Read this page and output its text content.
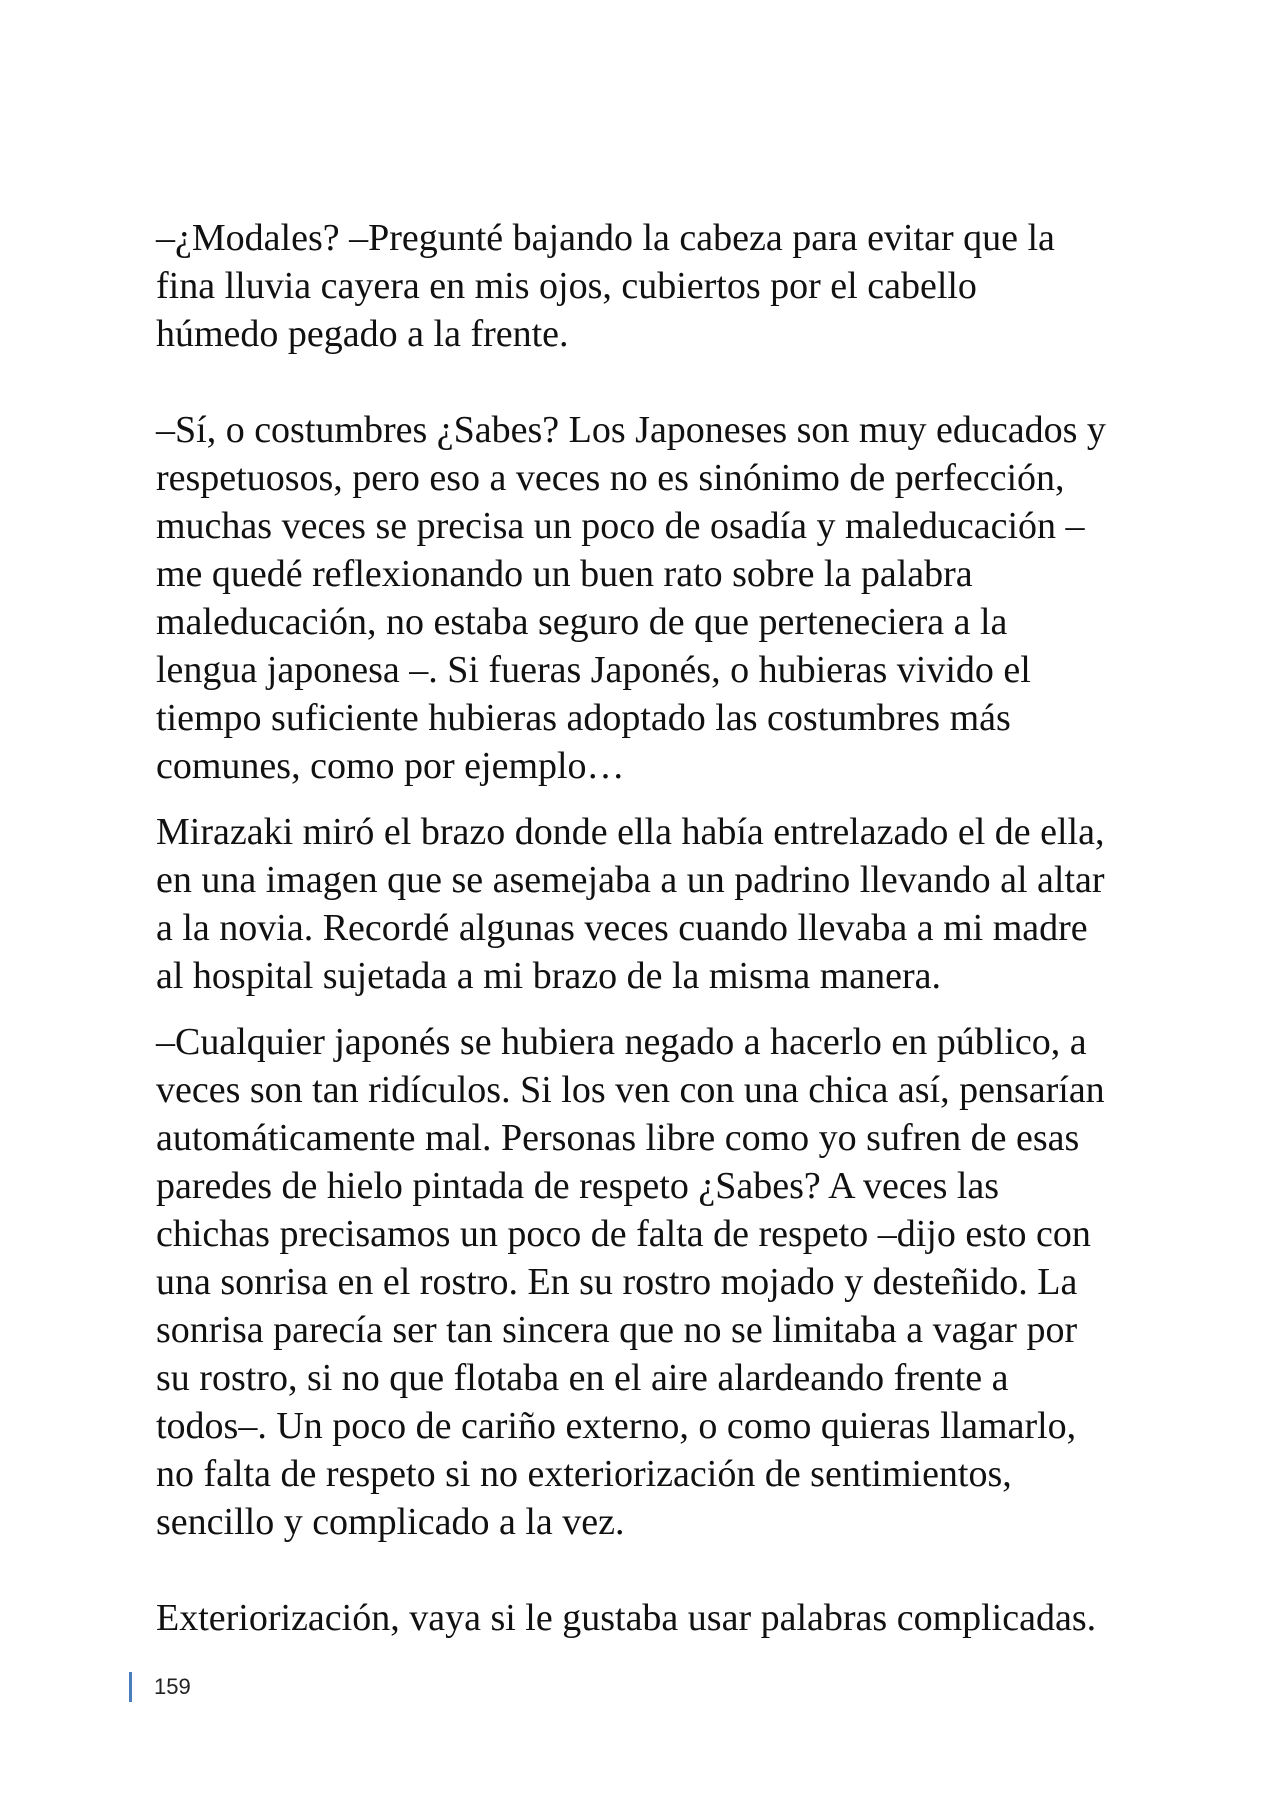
–¿Modales? –Pregunté bajando la cabeza para evitar que la
fina lluvia cayera en mis ojos, cubiertos por el cabello
húmedo pegado a la frente.
–Sí, o costumbres ¿Sabes? Los Japoneses son muy educados y
respetuosos, pero eso a veces no es sinónimo de perfección,
muchas veces se precisa un poco de osadía y maleducación –
me quedé reflexionando un buen rato sobre la palabra
maleducación, no estaba seguro de que perteneciera a la
lengua japonesa –. Si fueras Japonés, o hubieras vivido el
tiempo suficiente hubieras adoptado las costumbres más
comunes, como por ejemplo…
Mirazaki miró el brazo donde ella había entrelazado el de ella,
en una imagen que se asemejaba a un padrino llevando al altar
a la novia. Recordé algunas veces cuando llevaba a mi madre
al hospital sujetada a mi brazo de la misma manera.
–Cualquier japonés se hubiera negado a hacerlo en público, a
veces son tan ridículos. Si los ven con una chica así, pensarían
automáticamente mal. Personas libre como yo sufren de esas
paredes de hielo pintada de respeto ¿Sabes? A veces las
chichas precisamos un poco de falta de respeto –dijo esto con
una sonrisa en el rostro. En su rostro mojado y desteñido. La
sonrisa parecía ser tan sincera que no se limitaba a vagar por
su rostro, si no que flotaba en el aire alardeando frente a
todos–. Un poco de cariño externo, o como quieras llamarlo,
no falta de respeto si no exteriorización de sentimientos,
sencillo y complicado a la vez.
Exteriorización, vaya si le gustaba usar palabras complicadas.
159
